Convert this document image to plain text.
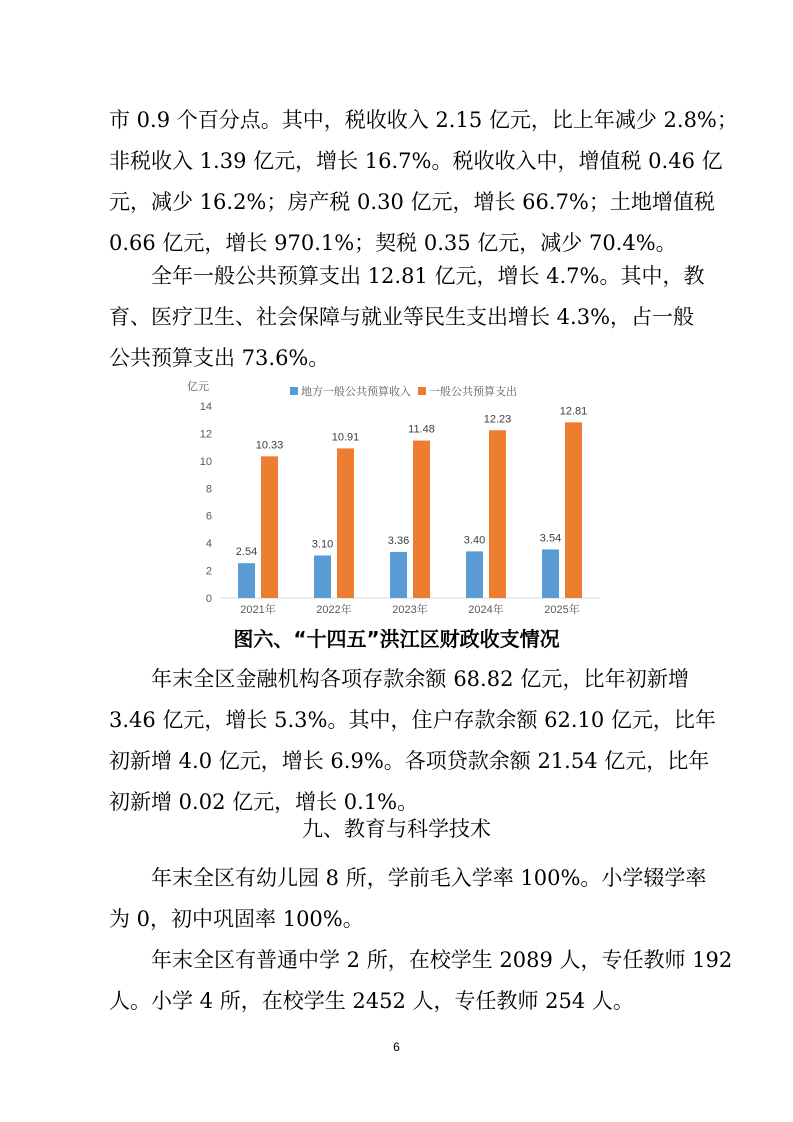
市 0.9 个百分点。其中，税收收入 2.15 亿元，比上年减少 2.8%；
非税收入 1.39 亿元，增长 16.7%。税收收入中，增值税 0.46 亿
元，减少 16.2%；房产税 0.30 亿元，增长 66.7%；土地增值税
0.66 亿元，增长 970.1%；契税 0.35 亿元，减少 70.4%。
全年一般公共预算支出 12.81 亿元，增长 4.7%。其中，教
育、医疗卫生、社会保障与就业等民生支出增长 4.3%，占一般
公共预算支出 73.6%。
0
2
4
6
8
10
12
14
亿元	地方一般公共预算收入 一般公共预算支出
2.54
10.33
2021年
3.10
10.91
2022年
3.36
11.48
2023年
3.40
12.23
2024年
3.54
12.81
2025年
图六、“十四五”洪江区财政收支情况
年末全区金融机构各项存款余额 68.82 亿元，比年初新增
3.46 亿元，增长 5.3%。其中，住户存款余额 62.10 亿元，比年
初新增 4.0 亿元，增长 6.9%。各项贷款余额 21.54 亿元，比年
初新增 0.02 亿元，增长 0.1%。
九、教育与科学技术
年末全区有幼儿园 8 所，学前毛入学率 100%。小学辍学率
为 0，初中巩固率 100%。
年末全区有普通中学 2 所，在校学生 2089 人，专任教师 192
人。小学 4 所，在校学生 2452 人，专任教师 254 人。
6
